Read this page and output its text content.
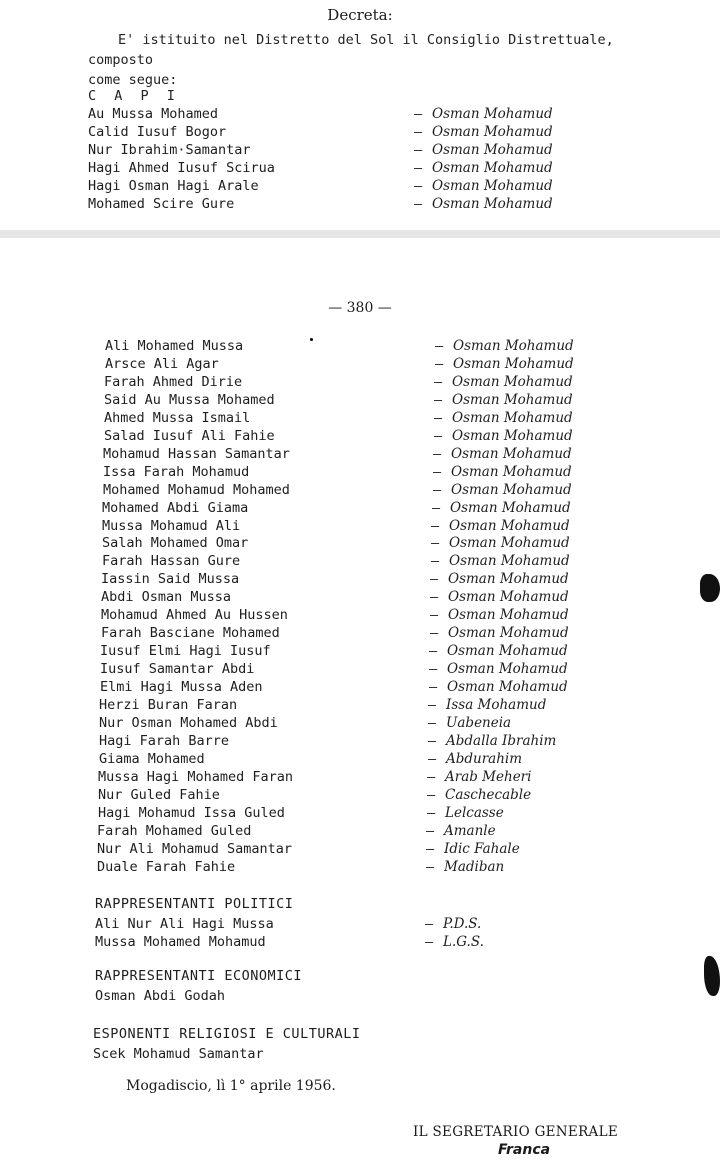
Decreta:
E' istituito nel Distretto del Sol il Consiglio Distrettuale, composto
come segue:
C A P I
Au Mussa Mohamed	— Osman Mohamud
Calid Iusuf Bogor	— Osman Mohamud
Nur Ibrahim·Samantar	— Osman Mohamud
Hagi Ahmed Iusuf Scirua	— Osman Mohamud
Hagi Osman Hagi Arale	— Osman Mohamud
Mohamed Scire Gure	— Osman Mohamud
— 380 —
Ali Mohamed Mussa	— Osman Mohamud
Arsce Ali Agar	— Osman Mohamud
Farah Ahmed Dirie	— Osman Mohamud
Said Au Mussa Mohamed	— Osman Mohamud
Ahmed Mussa Ismail	— Osman Mohamud
Salad Iusuf Ali Fahie	— Osman Mohamud
Mohamud Hassan Samantar	— Osman Mohamud
Issa Farah Mohamud	— Osman Mohamud
Mohamed Mohamud Mohamed	— Osman Mohamud
Mohamed Abdi Giama	— Osman Mohamud
Mussa Mohamud Ali	— Osman Mohamud
Salah Mohamed Omar	— Osman Mohamud
Farah Hassan Gure	— Osman Mohamud
Iassin Said Mussa	— Osman Mohamud
Abdi Osman Mussa	— Osman Mohamud
Mohamud Ahmed Au Hussen	— Osman Mohamud
Farah Basciane Mohamed	— Osman Mohamud
Iusuf Elmi Hagi Iusuf	— Osman Mohamud
Iusuf Samantar Abdi	— Osman Mohamud
Elmi Hagi Mussa Aden	— Osman Mohamud
Herzi Buran Faran	— Issa Mohamud
Nur Osman Mohamed Abdi	— Uabeneia
Hagi Farah Barre	— Abdalla Ibrahim
Giama Mohamed	— Abdurahim
Mussa Hagi Mohamed Faran	— Arab Meheri
Nur Guled Fahie	— Caschecable
Hagi Mohamud Issa Guled	— Lelcasse
Farah Mohamed Guled	— Amanle
Nur Ali Mohamud Samantar	— Idic Fahale
Duale Farah Fahie	— Madiban
RAPPRESENTANTI POLITICI
Ali Nur Ali Hagi Mussa	— P.D.S.
Mussa Mohamed Mohamud	— L.G.S.
RAPPRESENTANTI ECONOMICI
Osman Abdi Godah
ESPONENTI RELIGIOSI E CULTURALI
Scek Mohamud Samantar
Mogadiscio, lì 1° aprile 1956.
IL SEGRETARIO GENERALE
Franca
